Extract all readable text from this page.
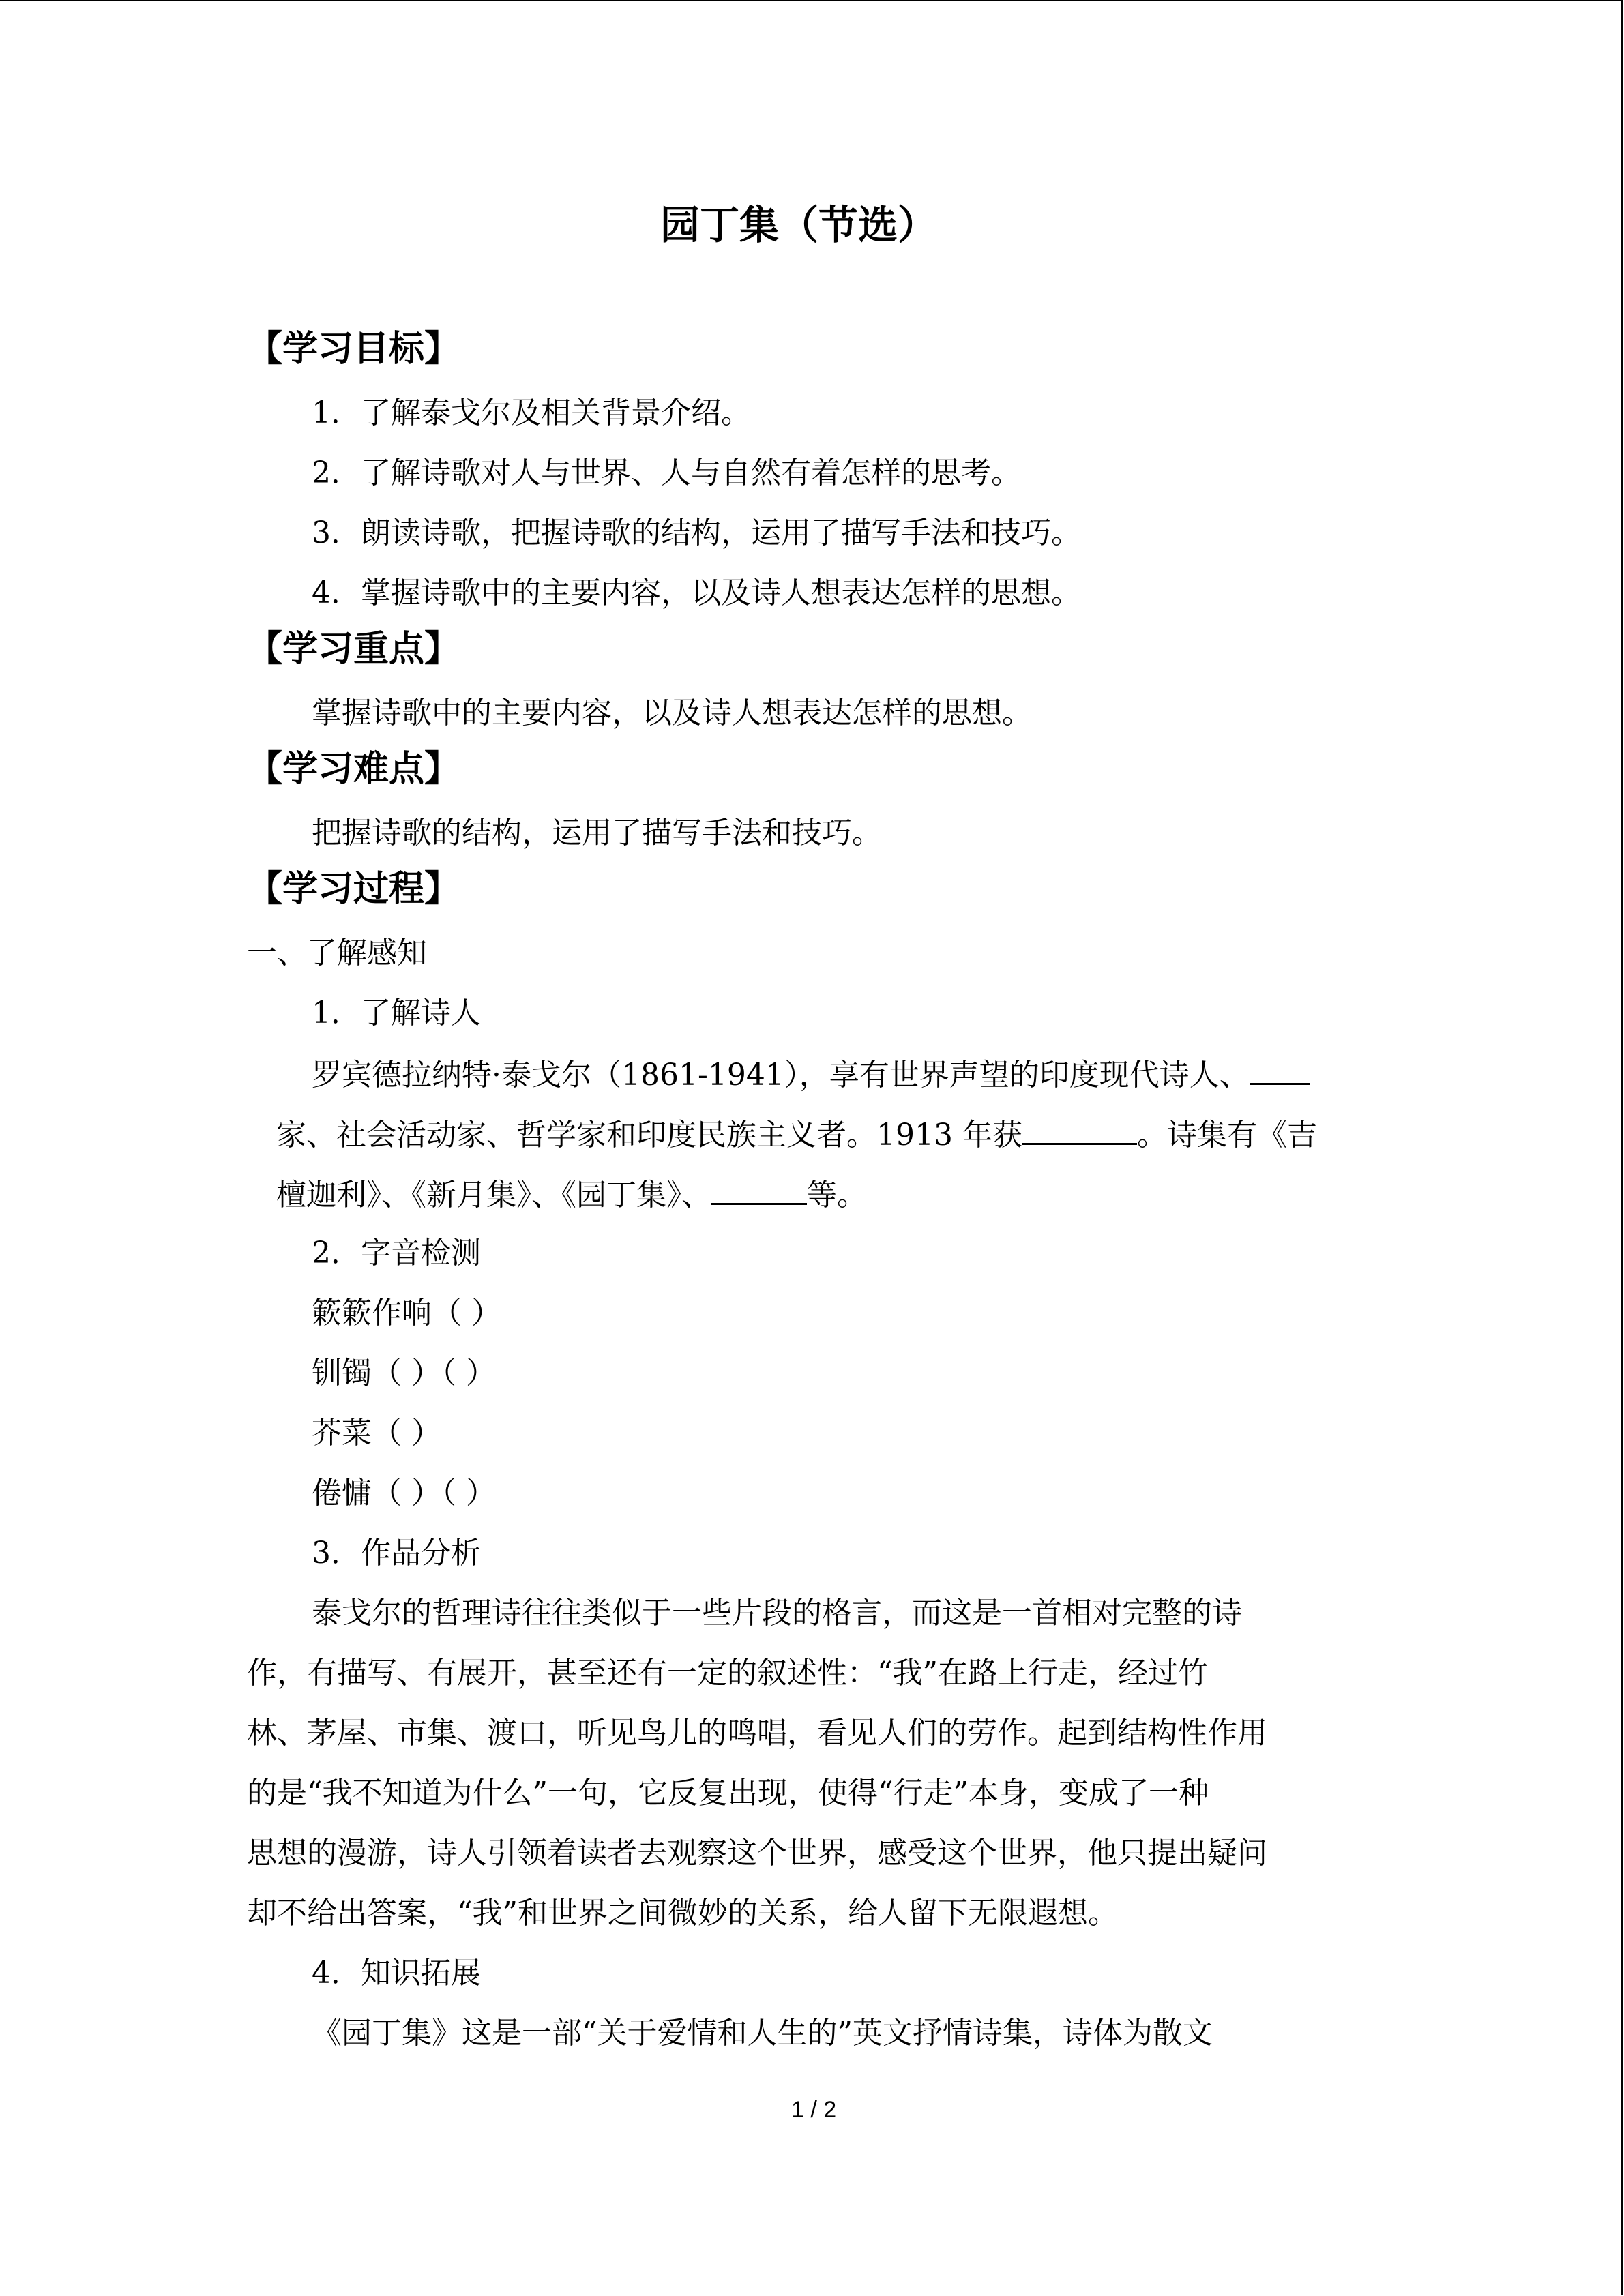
园丁集（节选）
【学习目标】
1．了解泰戈尔及相关背景介绍。
2．了解诗歌对人与世界、人与自然有着怎样的思考。
3．朗读诗歌，把握诗歌的结构，运用了描写手法和技巧。
4．掌握诗歌中的主要内容，以及诗人想表达怎样的思想。
【学习重点】
掌握诗歌中的主要内容，以及诗人想表达怎样的思想。
【学习难点】
把握诗歌的结构，运用了描写手法和技巧。
【学习过程】
一、了解感知
1．了解诗人
罗宾德拉纳特·泰戈尔（1861-1941），享有世界声望的印度现代诗人、
家、社会活动家、哲学家和印度民族主义者。1913 年获	。诗集有《吉
檀迦利》、《新月集》、《园丁集》、	等。
2．字音检测
簌簌作响（ ）
钏镯（ ）（ ）
芥菜（ ）
倦慵（ ）（ ）
3．作品分析
泰戈尔的哲理诗往往类似于一些片段的格言，而这是一首相对完整的诗
作，有描写、有展开，甚至还有一定的叙述性：“我”在路上行走，经过竹
林、茅屋、市集、渡口，听见鸟儿的鸣唱，看见人们的劳作。起到结构性作用
的是“我不知道为什么”一句，它反复出现，使得“行走”本身，变成了一种
思想的漫游，诗人引领着读者去观察这个世界，感受这个世界，他只提出疑问
却不给出答案，“我”和世界之间微妙的关系，给人留下无限遐想。
4．知识拓展
《园丁集》这是一部“关于爱情和人生的”英文抒情诗集，诗体为散文
1 / 2
